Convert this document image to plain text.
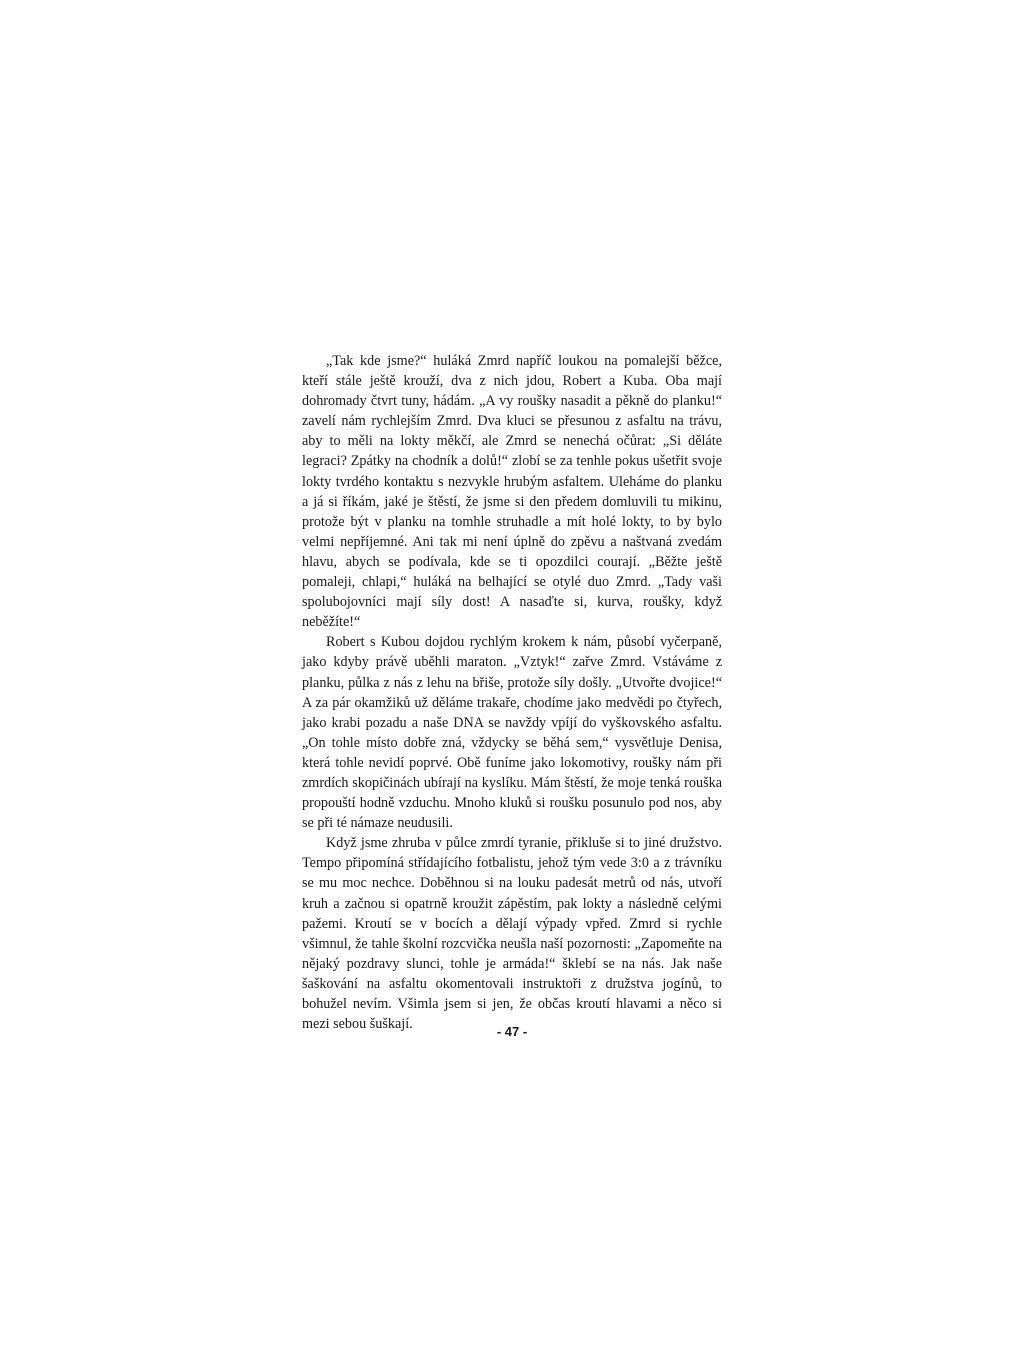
„Tak kde jsme?“ huláká Zmrd napříč loukou na pomalejší běžce, kteří stále ještě krouží, dva z nich jdou, Robert a Kuba. Oba mají dohromady čtvrt tuny, hádám. „A vy roušky nasadit a pěkně do planku!“ zavelí nám rychlejším Zmrd. Dva kluci se přesunou z asfaltu na trávu, aby to měli na lokty měkčí, ale Zmrd se nenechá očůrat: „Si děláte legraci? Zpátky na chodník a dolů!“ zlobí se za tenhle pokus ušetřit svoje lokty tvrdého kontaktu s nezvykle hrubým asfaltem. Uleháme do planku a já si říkám, jaké je štěstí, že jsme si den předem domluvili tu mikinu, protože být v planku na tomhle struhadle a mít holé lokty, to by bylo velmi nepříjemné. Ani tak mi není úplně do zpěvu a naštvaná zvedám hlavu, abych se podívala, kde se ti opozdilci courají. „Běžte ještě pomaleji, chlapi,“ huláká na belhající se otylé duo Zmrd. „Tady vaši spolubojovníci mají síly dost! A nasaďte si, kurva, roušky, když neběžíte!“

Robert s Kubou dojdou rychlým krokem k nám, působí vyčerpaně, jako kdyby právě uběhli maraton. „Vztyk!“ zařve Zmrd. Vstáváme z planku, půlka z nás z lehu na břiše, protože síly došly. „Utvořte dvojice!“ A za pár okamžiků už děláme trakaře, chodíme jako medvědi po čtyřech, jako krabi pozadu a naše DNA se navždy vpíjí do vyškovského asfaltu. „On tohle místo dobře zná, vždycky se běhá sem,“ vysvětluje Denisa, která tohle nevidí poprvé. Obě funíme jako lokomotivy, roušky nám při zmrdích skopičinách ubírají na kyslíku. Mám štěstí, že moje tenká rouška propouští hodně vzduchu. Mnoho kluků si roušku posunulo pod nos, aby se při té námaze neudusili.

Když jsme zhruba v půlce zmrdí tyranie, přikluše si to jiné družstvo. Tempo připomíná střídajícího fotbalistu, jehož tým vede 3:0 a z trávníku se mu moc nechce. Doběhnou si na louku padesát metrů od nás, utvoří kruh a začnou si opatrně kroužit zápěstím, pak lokty a následně celými pažemi. Kroutí se v bocích a dělají výpady vpřed. Zmrd si rychle všimnul, že tahle školní rozcvička neušla naší pozornosti: „Zapomeňte na nějaký pozdravy slunci, tohle je armáda!“ šklebí se na nás. Jak naše šaškování na asfaltu okomentovali instruktoři z družstva jogínů, to bohužel nevím. Všimla jsem si jen, že občas kroutí hlavami a něco si mezi sebou šuškají.	- 47 -
